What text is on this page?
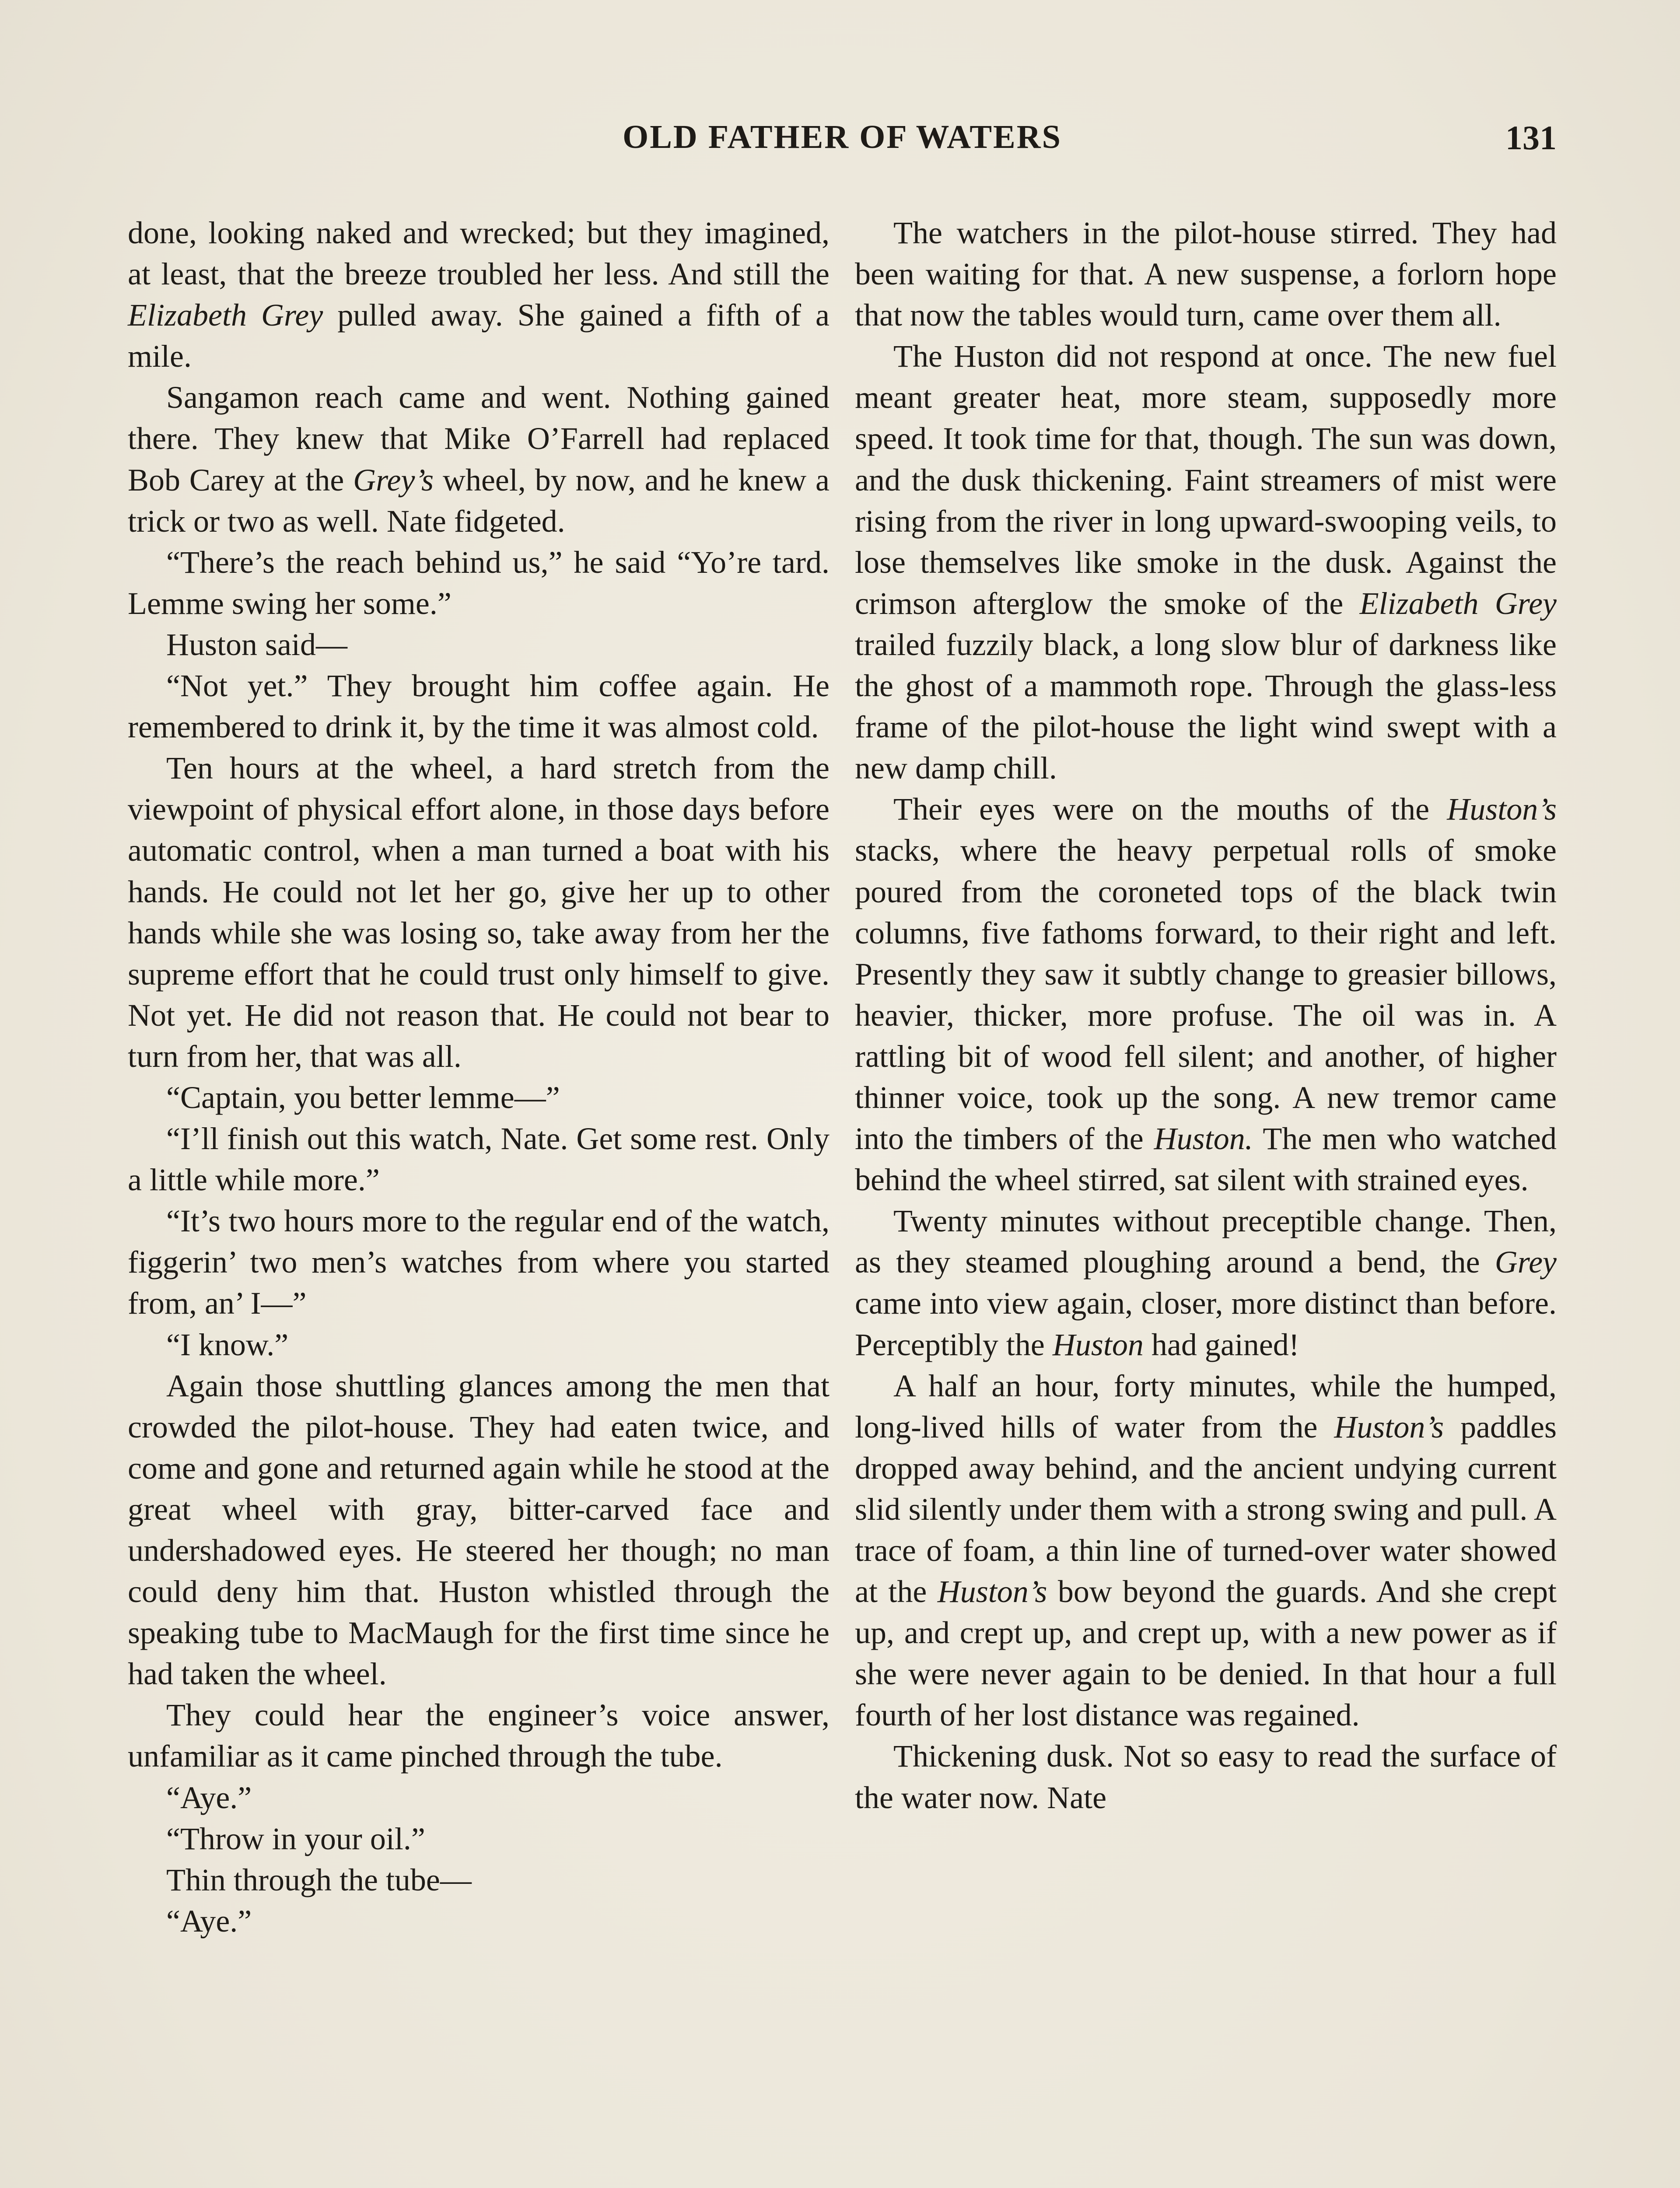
OLD FATHER OF WATERS	131

done, looking naked and wrecked; but they imagined, at least, that the breeze troubled her less. And still the Elizabeth Grey pulled away. She gained a fifth of a mile.

Sangamon reach came and went. Nothing gained there. They knew that Mike O’Farrell had replaced Bob Carey at the Grey’s wheel, by now, and he knew a trick or two as well. Nate fidgeted.

“There’s the reach behind us,” he said “Yo’re tard. Lemme swing her some.”

Huston said—

“Not yet.” They brought him coffee again. He remembered to drink it, by the time it was almost cold.

Ten hours at the wheel, a hard stretch from the viewpoint of physical effort alone, in those days before automatic control, when a man turned a boat with his hands. He could not let her go, give her up to other hands while she was losing so, take away from her the supreme effort that he could trust only himself to give. Not yet. He did not reason that. He could not bear to turn from her, that was all.

“Captain, you better lemme—”

“I’ll finish out this watch, Nate. Get some rest. Only a little while more.”

“It’s two hours more to the regular end of the watch, figgerin’ two men’s watches from where you started from, an’ I—”

“I know.”

Again those shuttling glances among the men that crowded the pilot-house. They had eaten twice, and come and gone and returned again while he stood at the great wheel with gray, bitter-carved face and undershadowed eyes. He steered her though; no man could deny him that. Huston whistled through the speaking tube to MacMaugh for the first time since he had taken the wheel.

They could hear the engineer’s voice answer, unfamiliar as it came pinched through the tube.

“Aye.”

“Throw in your oil.”

Thin through the tube—

“Aye.”

The watchers in the pilot-house stirred. They had been waiting for that. A new suspense, a forlorn hope that now the tables would turn, came over them all.

The Huston did not respond at once. The new fuel meant greater heat, more steam, supposedly more speed. It took time for that, though. The sun was down, and the dusk thickening. Faint streamers of mist were rising from the river in long upward-swooping veils, to lose themselves like smoke in the dusk. Against the crimson afterglow the smoke of the Elizabeth Grey trailed fuzzily black, a long slow blur of darkness like the ghost of a mammoth rope. Through the glass-less frame of the pilot-house the light wind swept with a new damp chill.

Their eyes were on the mouths of the Huston’s stacks, where the heavy perpetual rolls of smoke poured from the coroneted tops of the black twin columns, five fathoms forward, to their right and left. Presently they saw it subtly change to greasier billows, heavier, thicker, more profuse. The oil was in. A rattling bit of wood fell silent; and another, of higher thinner voice, took up the song. A new tremor came into the timbers of the Huston. The men who watched behind the wheel stirred, sat silent with strained eyes.

Twenty minutes without preceptible change. Then, as they steamed ploughing around a bend, the Grey came into view again, closer, more distinct than before. Perceptibly the Huston had gained!

A half an hour, forty minutes, while the humped, long-lived hills of water from the Huston’s paddles dropped away behind, and the ancient undying current slid silently under them with a strong swing and pull. A trace of foam, a thin line of turned-over water showed at the Huston’s bow beyond the guards. And she crept up, and crept up, and crept up, with a new power as if she were never again to be denied. In that hour a full fourth of her lost distance was regained.

Thickening dusk. Not so easy to read the surface of the water now. Nate
